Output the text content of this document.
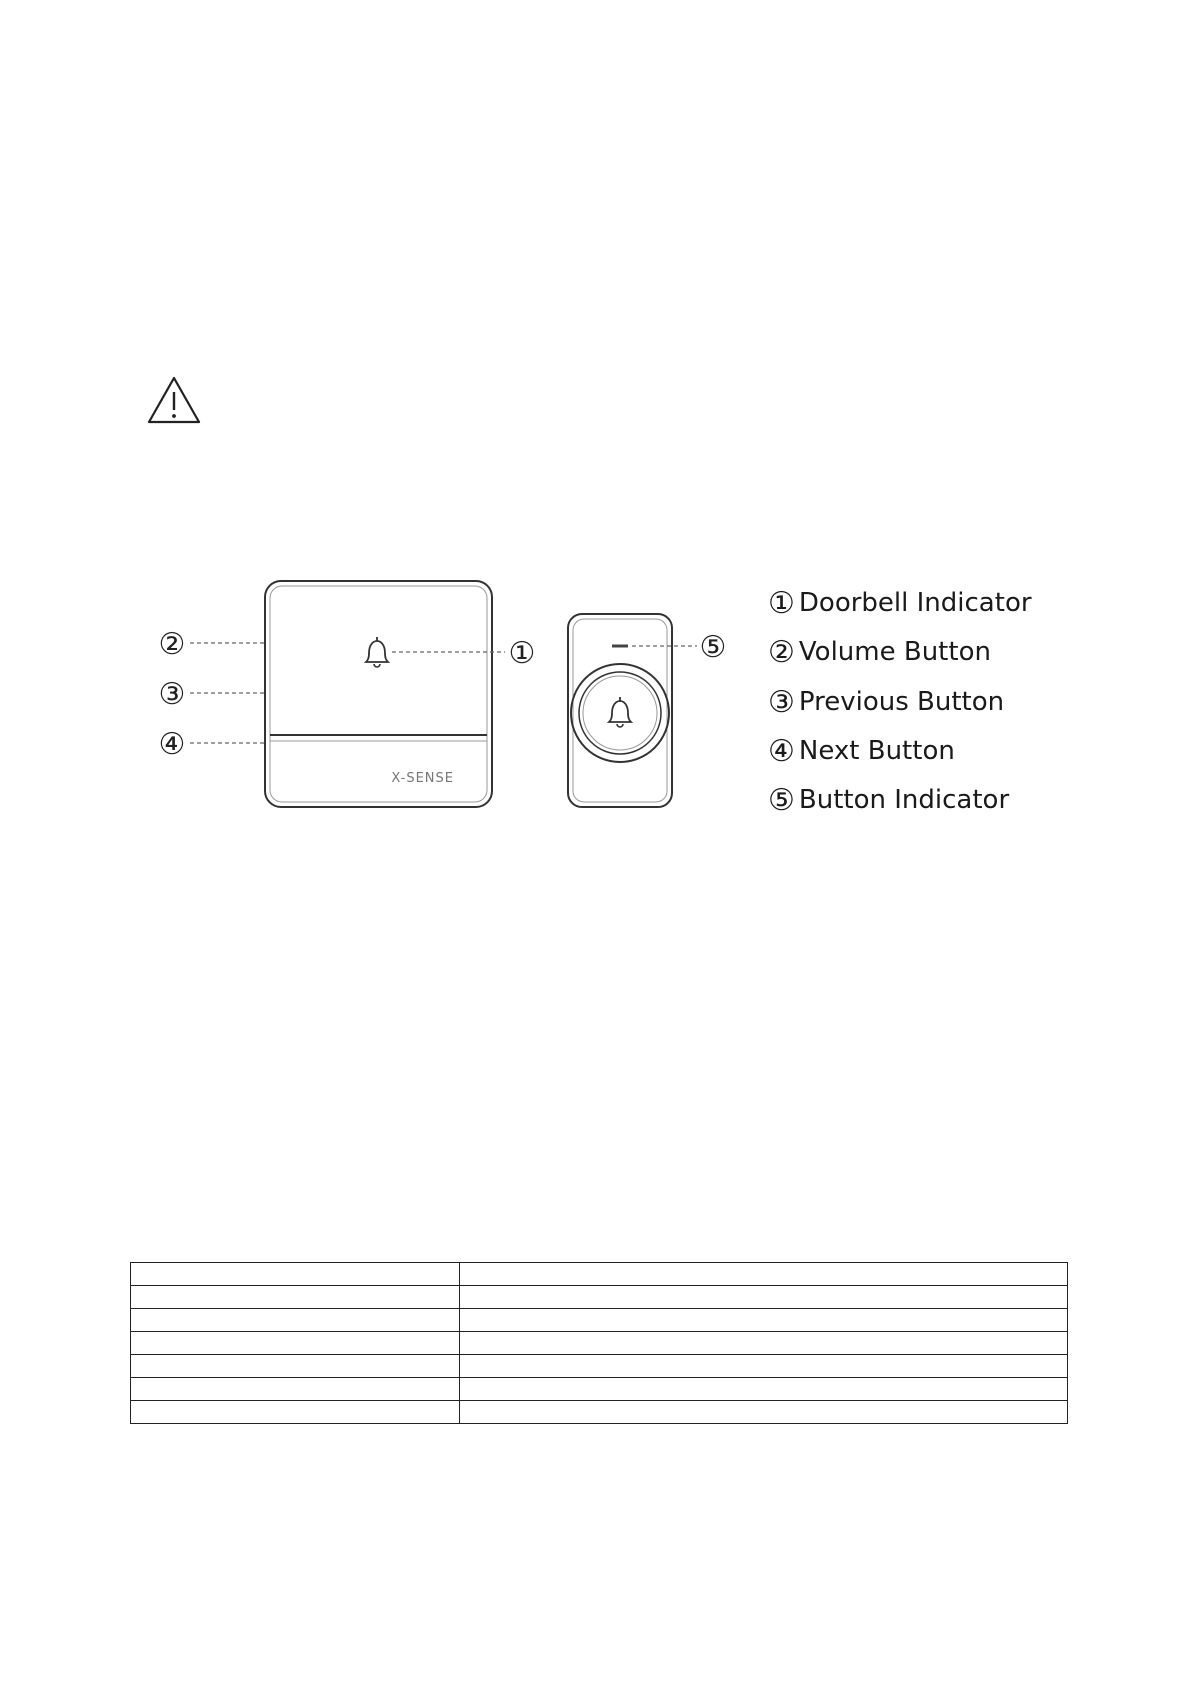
X-SENSE
①
②
③
④
⑤
① Doorbell Indicator
② Volume Button
③ Previous Button
④ Next Button
⑤ Button Indicator
